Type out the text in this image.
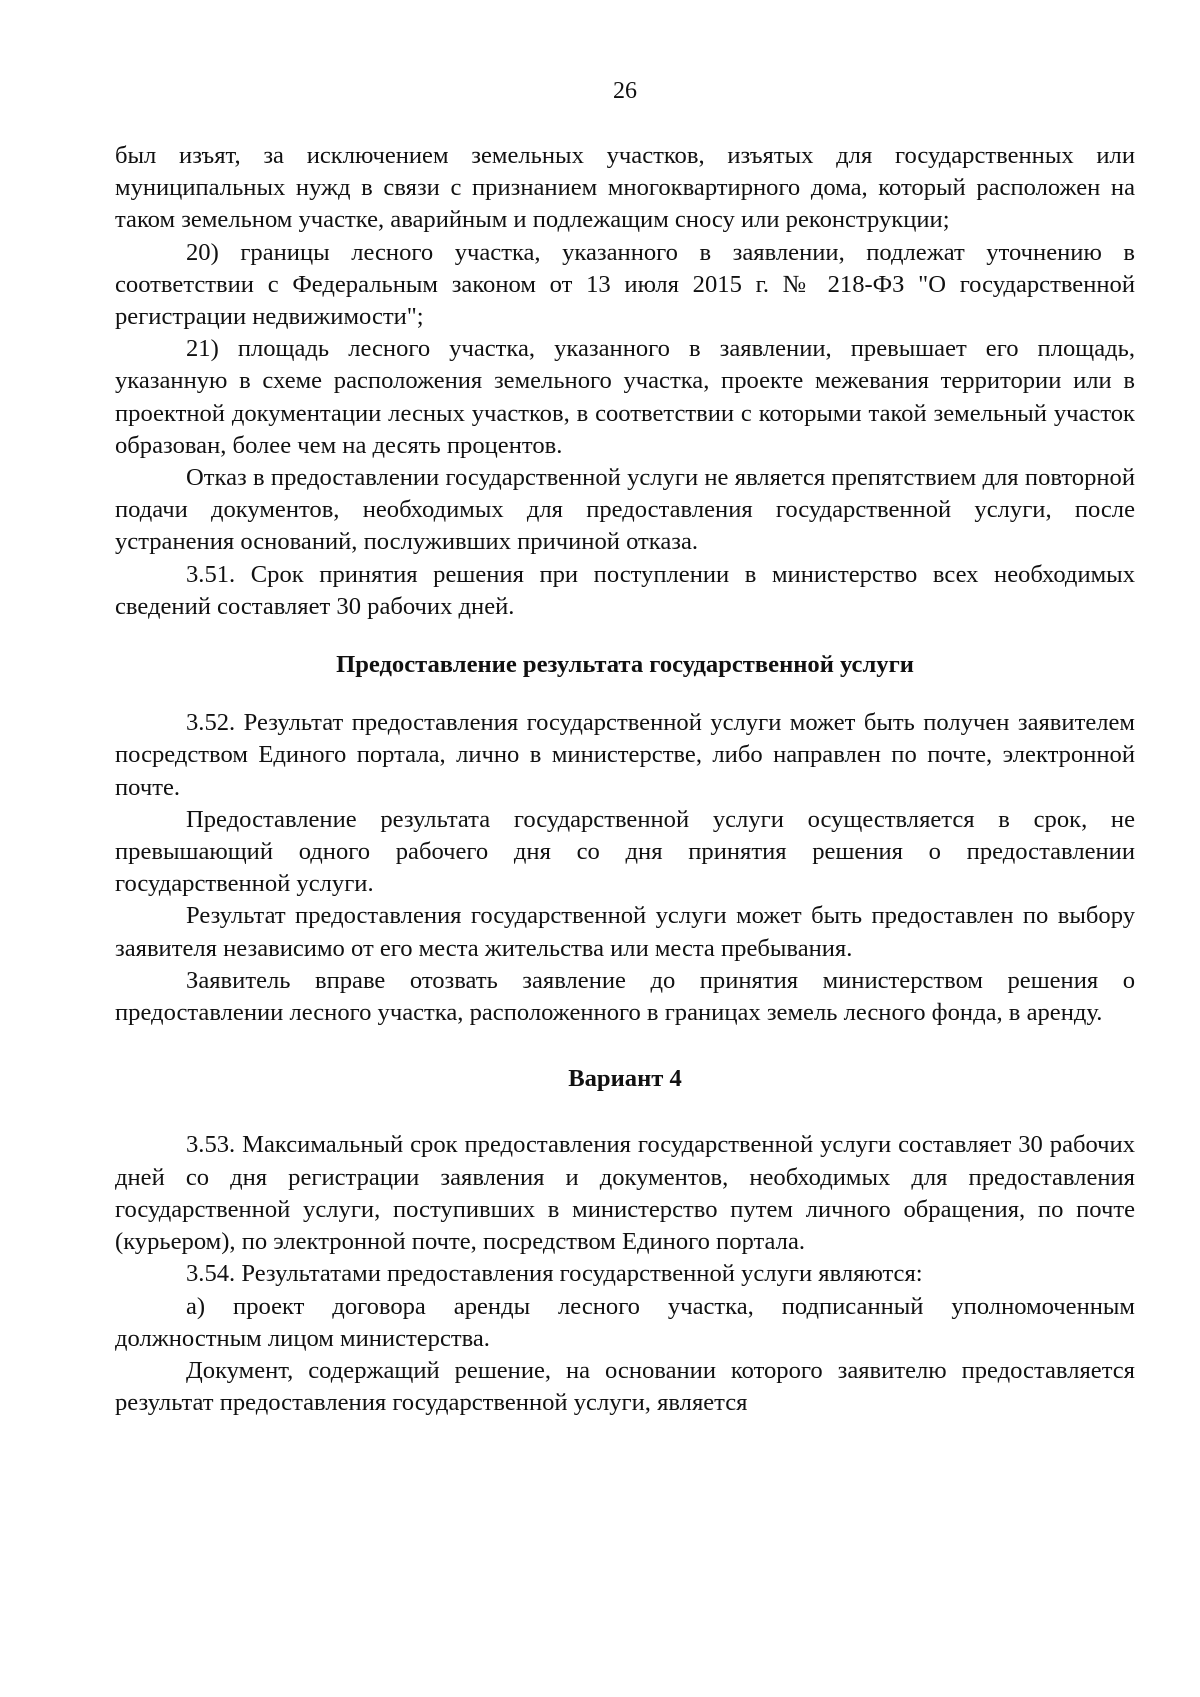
26

был изъят, за исключением земельных участков, изъятых для государственных или муниципальных нужд в связи с признанием многоквартирного дома, который расположен на таком земельном участке, аварийным и подлежащим сносу или реконструкции;

20) границы лесного участка, указанного в заявлении, подлежат уточнению в соответствии с Федеральным законом от 13 июля 2015 г. № 218-ФЗ "О государственной регистрации недвижимости";

21) площадь лесного участка, указанного в заявлении, превышает его площадь, указанную в схеме расположения земельного участка, проекте межевания территории или в проектной документации лесных участков, в соответствии с которыми такой земельный участок образован, более чем на десять процентов.

Отказ в предоставлении государственной услуги не является препятствием для повторной подачи документов, необходимых для предоставления государственной услуги, после устранения оснований, послуживших причиной отказа.

3.51. Срок принятия решения при поступлении в министерство всех необходимых сведений составляет 30 рабочих дней.

Предоставление результата государственной услуги

3.52. Результат предоставления государственной услуги может быть получен заявителем посредством Единого портала, лично в министерстве, либо направлен по почте, электронной почте.

Предоставление результата государственной услуги осуществляется в срок, не превышающий одного рабочего дня со дня принятия решения о предоставлении государственной услуги.

Результат предоставления государственной услуги может быть предоставлен по выбору заявителя независимо от его места жительства или места пребывания.

Заявитель вправе отозвать заявление до принятия министерством решения о предоставлении лесного участка, расположенного в границах земель лесного фонда, в аренду.

Вариант 4

3.53. Максимальный срок предоставления государственной услуги составляет 30 рабочих дней со дня регистрации заявления и документов, необходимых для предоставления государственной услуги, поступивших в министерство путем личного обращения, по почте (курьером), по электронной почте, посредством Единого портала.

3.54. Результатами предоставления государственной услуги являются:

а) проект договора аренды лесного участка, подписанный уполномоченным должностным лицом министерства.

Документ, содержащий решение, на основании которого заявителю предоставляется результат предоставления государственной услуги, является
